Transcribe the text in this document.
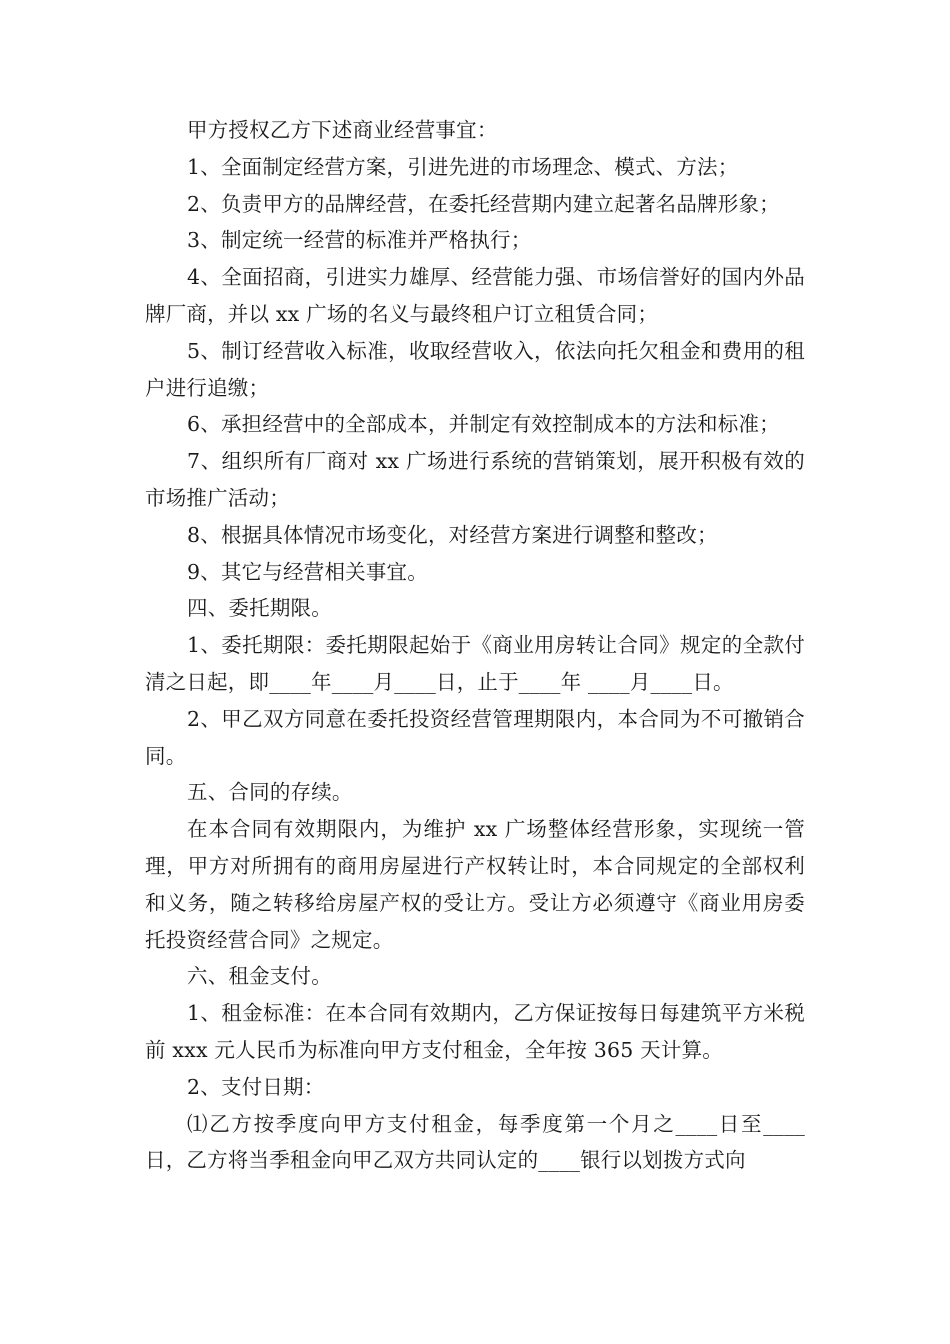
甲方授权乙方下述商业经营事宜：

1、全面制定经营方案，引进先进的市场理念、模式、方法；

2、负责甲方的品牌经营，在委托经营期内建立起著名品牌形象；

3、制定统一经营的标准并严格执行；

4、全面招商，引进实力雄厚、经营能力强、市场信誉好的国内外品牌厂商，并以 xx 广场的名义与最终租户订立租赁合同；

5、制订经营收入标准，收取经营收入，依法向托欠租金和费用的租户进行追缴；

6、承担经营中的全部成本，并制定有效控制成本的方法和标准；

7、组织所有厂商对 xx 广场进行系统的营销策划，展开积极有效的市场推广活动；

8、根据具体情况市场变化，对经营方案进行调整和整改；

9、其它与经营相关事宜。

四、委托期限。

1、委托期限：委托期限起始于《商业用房转让合同》规定的全款付清之日起，即____年____月____日，止于____年 ____月____日。

2、甲乙双方同意在委托投资经营管理期限内，本合同为不可撤销合同。

五、合同的存续。

在本合同有效期限内，为维护 xx 广场整体经营形象，实现统一管理，甲方对所拥有的商用房屋进行产权转让时，本合同规定的全部权利和义务，随之转移给房屋产权的受让方。受让方必须遵守《商业用房委托投资经营合同》之规定。

六、租金支付。

1、租金标准：在本合同有效期内，乙方保证按每日每建筑平方米税前 xxx 元人民币为标准向甲方支付租金，全年按 365 天计算。

2、支付日期：

⑴乙方按季度向甲方支付租金，每季度第一个月之____日至____日，乙方将当季租金向甲乙双方共同认定的____银行以划拨方式向
